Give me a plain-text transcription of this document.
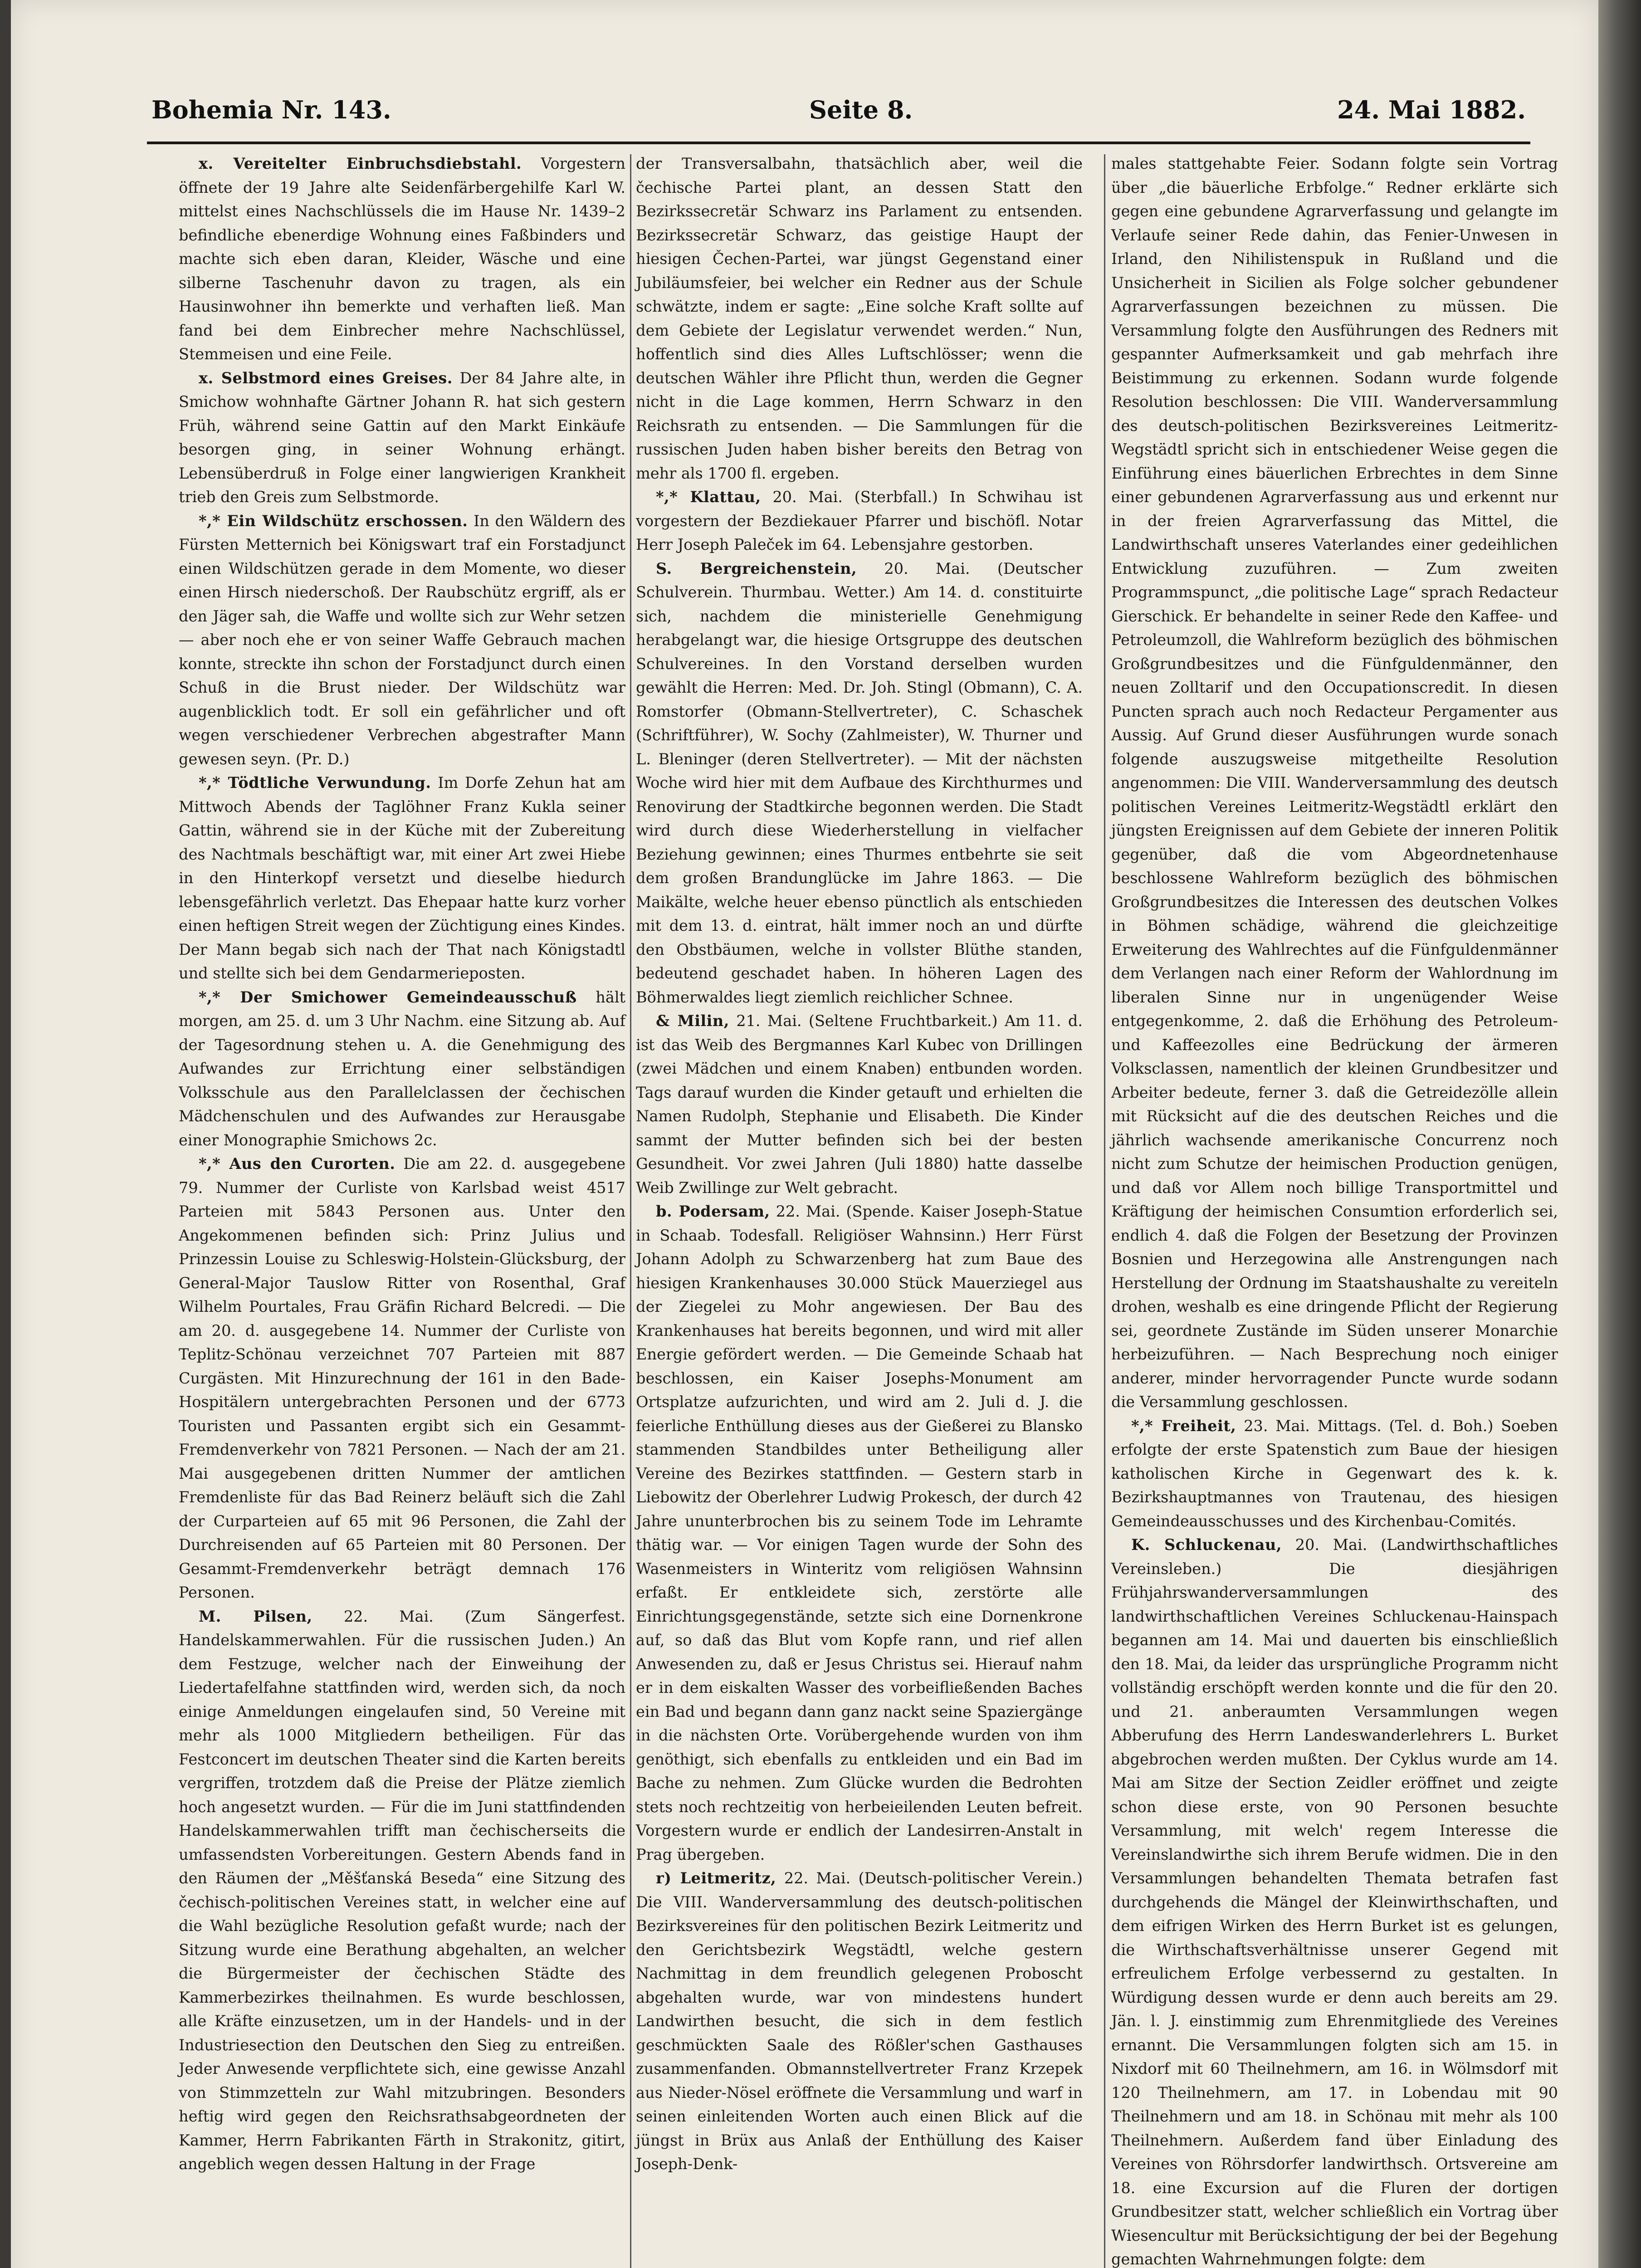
Bohemia Nr. 143.	Seite 8.	24. Mai 1882.

x. Vereitelter Einbruchsdiebstahl. Vorgestern öffnete der 19 Jahre alte Seidenfärbergehilfe Karl W. mittelst eines Nachschlüssels die im Hause Nr. 1439–2 befindliche ebenerdige Wohnung eines Faßbinders und machte sich eben daran, Kleider, Wäsche und eine silberne Taschenuhr davon zu tragen, als ein Hausinwohner ihn bemerkte und verhaften ließ. Man fand bei dem Einbrecher mehre Nachschlüssel, Stemmeisen und eine Feile.

x. Selbstmord eines Greises. Der 84 Jahre alte, in Smichow wohnhafte Gärtner Johann R. hat sich gestern Früh, während seine Gattin auf den Markt Einkäufe besorgen ging, in seiner Wohnung erhängt. Lebensüberdruß in Folge einer langwierigen Krankheit trieb den Greis zum Selbstmorde.

*,* Ein Wildschütz erschossen. In den Wäldern des Fürsten Metternich bei Königswart traf ein Forstadjunct einen Wildschützen gerade in dem Momente, wo dieser einen Hirsch niederschoß. Der Raubschütz ergriff, als er den Jäger sah, die Waffe und wollte sich zur Wehr setzen — aber noch ehe er von seiner Waffe Gebrauch machen konnte, streckte ihn schon der Forstadjunct durch einen Schuß in die Brust nieder. Der Wildschütz war augenblicklich todt. Er soll ein gefährlicher und oft wegen verschiedener Verbrechen abgestrafter Mann gewesen seyn. (Pr. D.)

*,* Tödtliche Verwundung. Im Dorfe Zehun hat am Mittwoch Abends der Taglöhner Franz Kukla seiner Gattin, während sie in der Küche mit der Zubereitung des Nachtmals beschäftigt war, mit einer Art zwei Hiebe in den Hinterkopf versetzt und dieselbe hiedurch lebensgefährlich verletzt. Das Ehepaar hatte kurz vorher einen heftigen Streit wegen der Züchtigung eines Kindes. Der Mann begab sich nach der That nach Königstadtl und stellte sich bei dem Gendarmerieposten.

*,* Der Smichower Gemeindeausschuß hält morgen, am 25. d. um 3 Uhr Nachm. eine Sitzung ab. Auf der Tagesordnung stehen u. A. die Genehmigung des Aufwandes zur Errichtung einer selbständigen Volksschule aus den Parallelclassen der čechischen Mädchenschulen und des Aufwandes zur Herausgabe einer Monographie Smichows 2c.

*,* Aus den Curorten. Die am 22. d. ausgegebene 79. Nummer der Curliste von Karlsbad weist 4517 Parteien mit 5843 Personen aus. Unter den Angekommenen befinden sich: Prinz Julius und Prinzessin Louise zu Schleswig-Holstein-Glücksburg, der General-Major Tauslow Ritter von Rosenthal, Graf Wilhelm Pourtales, Frau Gräfin Richard Belcredi. — Die am 20. d. ausgegebene 14. Nummer der Curliste von Teplitz-Schönau verzeichnet 707 Parteien mit 887 Curgästen. Mit Hinzurechnung der 161 in den Bade-Hospitälern untergebrachten Personen und der 6773 Touristen und Passanten ergibt sich ein Gesammt-Fremdenverkehr von 7821 Personen. — Nach der am 21. Mai ausgegebenen dritten Nummer der amtlichen Fremdenliste für das Bad Reinerz beläuft sich die Zahl der Curparteien auf 65 mit 96 Personen, die Zahl der Durchreisenden auf 65 Parteien mit 80 Personen. Der Gesammt-Fremdenverkehr beträgt demnach 176 Personen.

M. Pilsen, 22. Mai. (Zum Sängerfest. Handelskammerwahlen. Für die russischen Juden.) An dem Festzuge, welcher nach der Einweihung der Liedertafelfahne stattfinden wird, werden sich, da noch einige Anmeldungen eingelaufen sind, 50 Vereine mit mehr als 1000 Mitgliedern betheiligen. Für das Festconcert im deutschen Theater sind die Karten bereits vergriffen, trotzdem daß die Preise der Plätze ziemlich hoch angesetzt wurden. — Für die im Juni stattfindenden Handelskammerwahlen trifft man čechischerseits die umfassendsten Vorbereitungen. Gestern Abends fand in den Räumen der „Měšťanská Beseda“ eine Sitzung des čechisch-politischen Vereines statt, in welcher eine auf die Wahl bezügliche Resolution gefaßt wurde; nach der Sitzung wurde eine Berathung abgehalten, an welcher die Bürgermeister der čechischen Städte des Kammerbezirkes theilnahmen. Es wurde beschlossen, alle Kräfte einzusetzen, um in der Handels- und in der Industriesection den Deutschen den Sieg zu entreißen. Jeder Anwesende verpflichtete sich, eine gewisse Anzahl von Stimmzetteln zur Wahl mitzubringen. Besonders heftig wird gegen den Reichsrathsabgeordneten der Kammer, Herrn Fabrikanten Färth in Strakonitz, gitirt, angeblich wegen dessen Haltung in der Frage

der Transversalbahn, thatsächlich aber, weil die čechische Partei plant, an dessen Statt den Bezirkssecretär Schwarz ins Parlament zu entsenden. Bezirkssecretär Schwarz, das geistige Haupt der hiesigen Čechen-Partei, war jüngst Gegenstand einer Jubiläumsfeier, bei welcher ein Redner aus der Schule schwätzte, indem er sagte: „Eine solche Kraft sollte auf dem Gebiete der Legislatur verwendet werden.“ Nun, hoffentlich sind dies Alles Luftschlösser; wenn die deutschen Wähler ihre Pflicht thun, werden die Gegner nicht in die Lage kommen, Herrn Schwarz in den Reichsrath zu entsenden. — Die Sammlungen für die russischen Juden haben bisher bereits den Betrag von mehr als 1700 fl. ergeben.

*,* Klattau, 20. Mai. (Sterbfall.) In Schwihau ist vorgestern der Bezdiekauer Pfarrer und bischöfl. Notar Herr Joseph Paleček im 64. Lebensjahre gestorben.

S. Bergreichenstein, 20. Mai. (Deutscher Schulverein. Thurmbau. Wetter.) Am 14. d. constituirte sich, nachdem die ministerielle Genehmigung herabgelangt war, die hiesige Ortsgruppe des deutschen Schulvereines. In den Vorstand derselben wurden gewählt die Herren: Med. Dr. Joh. Stingl (Obmann), C. A. Romstorfer (Obmann-Stellvertreter), C. Schaschek (Schriftführer), W. Sochy (Zahlmeister), W. Thurner und L. Bleninger (deren Stellvertreter). — Mit der nächsten Woche wird hier mit dem Aufbaue des Kirchthurmes und Renovirung der Stadtkirche begonnen werden. Die Stadt wird durch diese Wiederherstellung in vielfacher Beziehung gewinnen; eines Thurmes entbehrte sie seit dem großen Brandunglücke im Jahre 1863. — Die Maikälte, welche heuer ebenso pünctlich als entschieden mit dem 13. d. eintrat, hält immer noch an und dürfte den Obstbäumen, welche in vollster Blüthe standen, bedeutend geschadet haben. In höheren Lagen des Böhmerwaldes liegt ziemlich reichlicher Schnee.

& Milin, 21. Mai. (Seltene Fruchtbarkeit.) Am 11. d. ist das Weib des Bergmannes Karl Kubec von Drillingen (zwei Mädchen und einem Knaben) entbunden worden. Tags darauf wurden die Kinder getauft und erhielten die Namen Rudolph, Stephanie und Elisabeth. Die Kinder sammt der Mutter befinden sich bei der besten Gesundheit. Vor zwei Jahren (Juli 1880) hatte dasselbe Weib Zwillinge zur Welt gebracht.

b. Podersam, 22. Mai. (Spende. Kaiser Joseph-Statue in Schaab. Todesfall. Religiöser Wahnsinn.) Herr Fürst Johann Adolph zu Schwarzenberg hat zum Baue des hiesigen Krankenhauses 30.000 Stück Mauerziegel aus der Ziegelei zu Mohr angewiesen. Der Bau des Krankenhauses hat bereits begonnen, und wird mit aller Energie gefördert werden. — Die Gemeinde Schaab hat beschlossen, ein Kaiser Josephs-Monument am Ortsplatze aufzurichten, und wird am 2. Juli d. J. die feierliche Enthüllung dieses aus der Gießerei zu Blansko stammenden Standbildes unter Betheiligung aller Vereine des Bezirkes stattfinden. — Gestern starb in Liebowitz der Oberlehrer Ludwig Prokesch, der durch 42 Jahre ununterbrochen bis zu seinem Tode im Lehramte thätig war. — Vor einigen Tagen wurde der Sohn des Wasenmeisters in Winteritz vom religiösen Wahnsinn erfaßt. Er entkleidete sich, zerstörte alle Einrichtungsgegenstände, setzte sich eine Dornenkrone auf, so daß das Blut vom Kopfe rann, und rief allen Anwesenden zu, daß er Jesus Christus sei. Hierauf nahm er in dem eiskalten Wasser des vorbeifließenden Baches ein Bad und begann dann ganz nackt seine Spaziergänge in die nächsten Orte. Vorübergehende wurden von ihm genöthigt, sich ebenfalls zu entkleiden und ein Bad im Bache zu nehmen. Zum Glücke wurden die Bedrohten stets noch rechtzeitig von herbeieilenden Leuten befreit. Vorgestern wurde er endlich der Landesirren-Anstalt in Prag übergeben.

r) Leitmeritz, 22. Mai. (Deutsch-politischer Verein.) Die VIII. Wanderversammlung des deutsch-politischen Bezirksvereines für den politischen Bezirk Leitmeritz und den Gerichtsbezirk Wegstädtl, welche gestern Nachmittag in dem freundlich gelegenen Proboscht abgehalten wurde, war von mindestens hundert Landwirthen besucht, die sich in dem festlich geschmückten Saale des Rößler'schen Gasthauses zusammenfanden. Obmannstellvertreter Franz Krzepek aus Nieder-Nösel eröffnete die Versammlung und warf in seinen einleitenden Worten auch einen Blick auf die jüngst in Brüx aus Anlaß der Enthüllung des Kaiser Joseph-Denk-

males stattgehabte Feier. Sodann folgte sein Vortrag über „die bäuerliche Erbfolge.“ Redner erklärte sich gegen eine gebundene Agrarverfassung und gelangte im Verlaufe seiner Rede dahin, das Fenier-Unwesen in Irland, den Nihilistenspuk in Rußland und die Unsicherheit in Sicilien als Folge solcher gebundener Agrarverfassungen bezeichnen zu müssen. Die Versammlung folgte den Ausführungen des Redners mit gespannter Aufmerksamkeit und gab mehrfach ihre Beistimmung zu erkennen. Sodann wurde folgende Resolution beschlossen: Die VIII. Wanderversammlung des deutsch-politischen Bezirksvereines Leitmeritz-Wegstädtl spricht sich in entschiedener Weise gegen die Einführung eines bäuerlichen Erbrechtes in dem Sinne einer gebundenen Agrarverfassung aus und erkennt nur in der freien Agrarverfassung das Mittel, die Landwirthschaft unseres Vaterlandes einer gedeihlichen Entwicklung zuzuführen. — Zum zweiten Programmspunct, „die politische Lage“ sprach Redacteur Gierschick. Er behandelte in seiner Rede den Kaffee- und Petroleumzoll, die Wahlreform bezüglich des böhmischen Großgrundbesitzes und die Fünfguldenmänner, den neuen Zolltarif und den Occupationscredit. In diesen Puncten sprach auch noch Redacteur Pergamenter aus Aussig. Auf Grund dieser Ausführungen wurde sonach folgende auszugsweise mitgetheilte Resolution angenommen: Die VIII. Wanderversammlung des deutsch politischen Vereines Leitmeritz-Wegstädtl erklärt den jüngsten Ereignissen auf dem Gebiete der inneren Politik gegenüber, daß die vom Abgeordnetenhause beschlossene Wahlreform bezüglich des böhmischen Großgrundbesitzes die Interessen des deutschen Volkes in Böhmen schädige, während die gleichzeitige Erweiterung des Wahlrechtes auf die Fünfguldenmänner dem Verlangen nach einer Reform der Wahlordnung im liberalen Sinne nur in ungenügender Weise entgegenkomme, 2. daß die Erhöhung des Petroleum- und Kaffeezolles eine Bedrückung der ärmeren Volksclassen, namentlich der kleinen Grundbesitzer und Arbeiter bedeute, ferner 3. daß die Getreidezölle allein mit Rücksicht auf die des deutschen Reiches und die jährlich wachsende amerikanische Concurrenz noch nicht zum Schutze der heimischen Production genügen, und daß vor Allem noch billige Transportmittel und Kräftigung der heimischen Consumtion erforderlich sei, endlich 4. daß die Folgen der Besetzung der Provinzen Bosnien und Herzegowina alle Anstrengungen nach Herstellung der Ordnung im Staatshaushalte zu vereiteln drohen, weshalb es eine dringende Pflicht der Regierung sei, geordnete Zustände im Süden unserer Monarchie herbeizuführen. — Nach Besprechung noch einiger anderer, minder hervorragender Puncte wurde sodann die Versammlung geschlossen.

*,* Freiheit, 23. Mai. Mittags. (Tel. d. Boh.) Soeben erfolgte der erste Spatenstich zum Baue der hiesigen katholischen Kirche in Gegenwart des k. k. Bezirkshauptmannes von Trautenau, des hiesigen Gemeindeausschusses und des Kirchenbau-Comités.

K. Schluckenau, 20. Mai. (Landwirthschaftliches Vereinsleben.) Die diesjährigen Frühjahrswanderversammlungen des landwirthschaftlichen Vereines Schluckenau-Hainspach begannen am 14. Mai und dauerten bis einschließlich den 18. Mai, da leider das ursprüngliche Programm nicht vollständig erschöpft werden konnte und die für den 20. und 21. anberaumten Versammlungen wegen Abberufung des Herrn Landeswanderlehrers L. Burket abgebrochen werden mußten. Der Cyklus wurde am 14. Mai am Sitze der Section Zeidler eröffnet und zeigte schon diese erste, von 90 Personen besuchte Versammlung, mit welch' regem Interesse die Vereinslandwirthe sich ihrem Berufe widmen. Die in den Versammlungen behandelten Themata betrafen fast durchgehends die Mängel der Kleinwirthschaften, und dem eifrigen Wirken des Herrn Burket ist es gelungen, die Wirthschaftsverhältnisse unserer Gegend mit erfreulichem Erfolge verbessernd zu gestalten. In Würdigung dessen wurde er denn auch bereits am 29. Jän. l. J. einstimmig zum Ehrenmitgliede des Vereines ernannt. Die Versammlungen folgten sich am 15. in Nixdorf mit 60 Theilnehmern, am 16. in Wölmsdorf mit 120 Theilnehmern, am 17. in Lobendau mit 90 Theilnehmern und am 18. in Schönau mit mehr als 100 Theilnehmern. Außerdem fand über Einladung des Vereines von Röhrsdorfer landwirthsch. Ortsvereine am 18. eine Excursion auf die Fluren der dortigen Grundbesitzer statt, welcher schließlich ein Vortrag über Wiesencultur mit Berücksichtigung der bei der Begehung gemachten Wahrnehmungen folgte: dem
